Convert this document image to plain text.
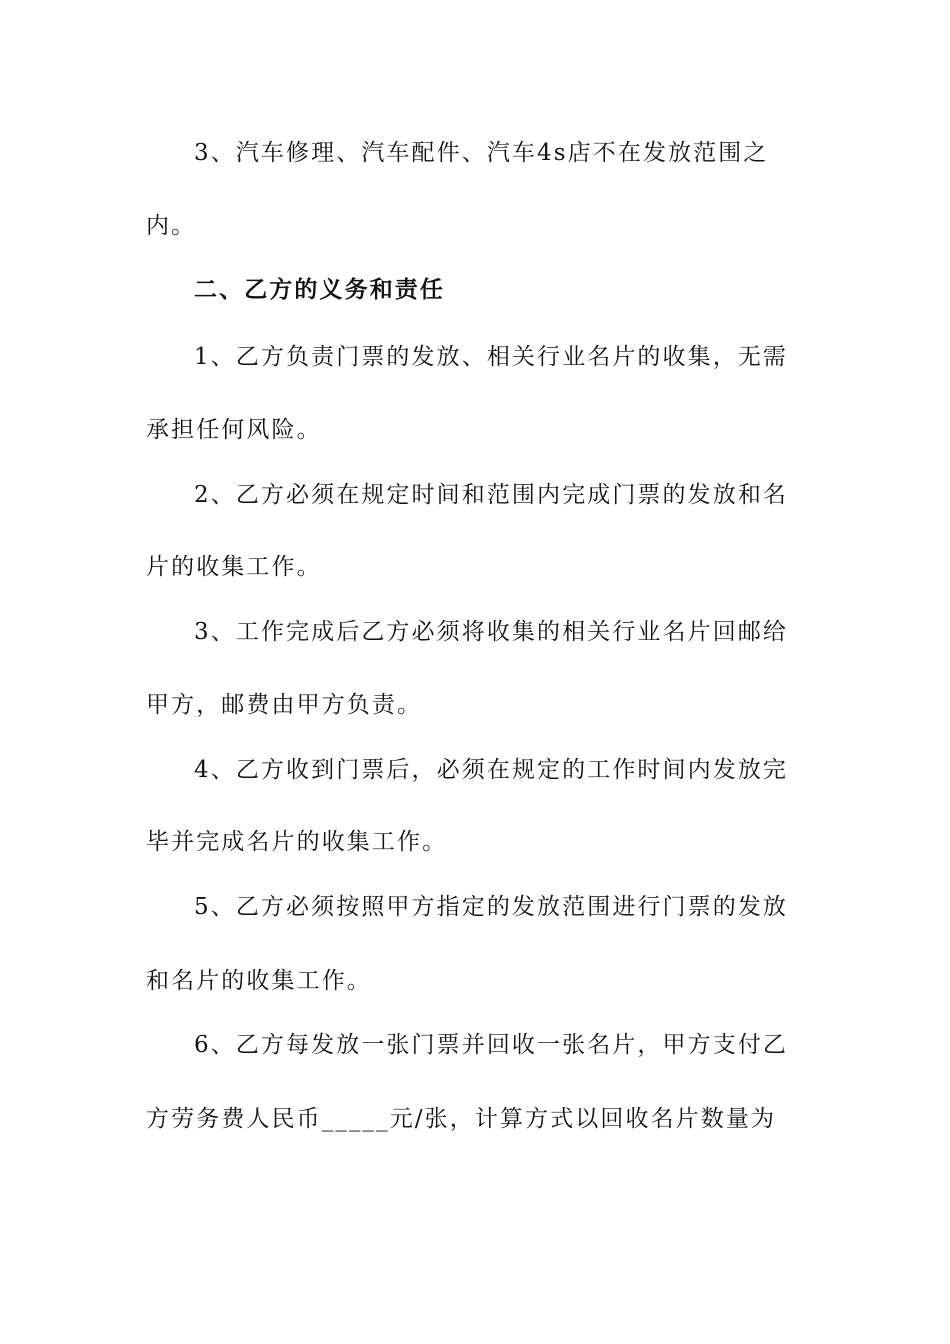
3、汽车修理、汽车配件、汽车4s店不在发放范围之
内。
二、乙方的义务和责任
1、乙方负责门票的发放、相关行业名片的收集，无需
承担任何风险。
2、乙方必须在规定时间和范围内完成门票的发放和名
片的收集工作。
3、工作完成后乙方必须将收集的相关行业名片回邮给
甲方，邮费由甲方负责。
4、乙方收到门票后，必须在规定的工作时间内发放完
毕并完成名片的收集工作。
5、乙方必须按照甲方指定的发放范围进行门票的发放
和名片的收集工作。
6、乙方每发放一张门票并回收一张名片，甲方支付乙
方劳务费人民币_____元/张，计算方式以回收名片数量为
